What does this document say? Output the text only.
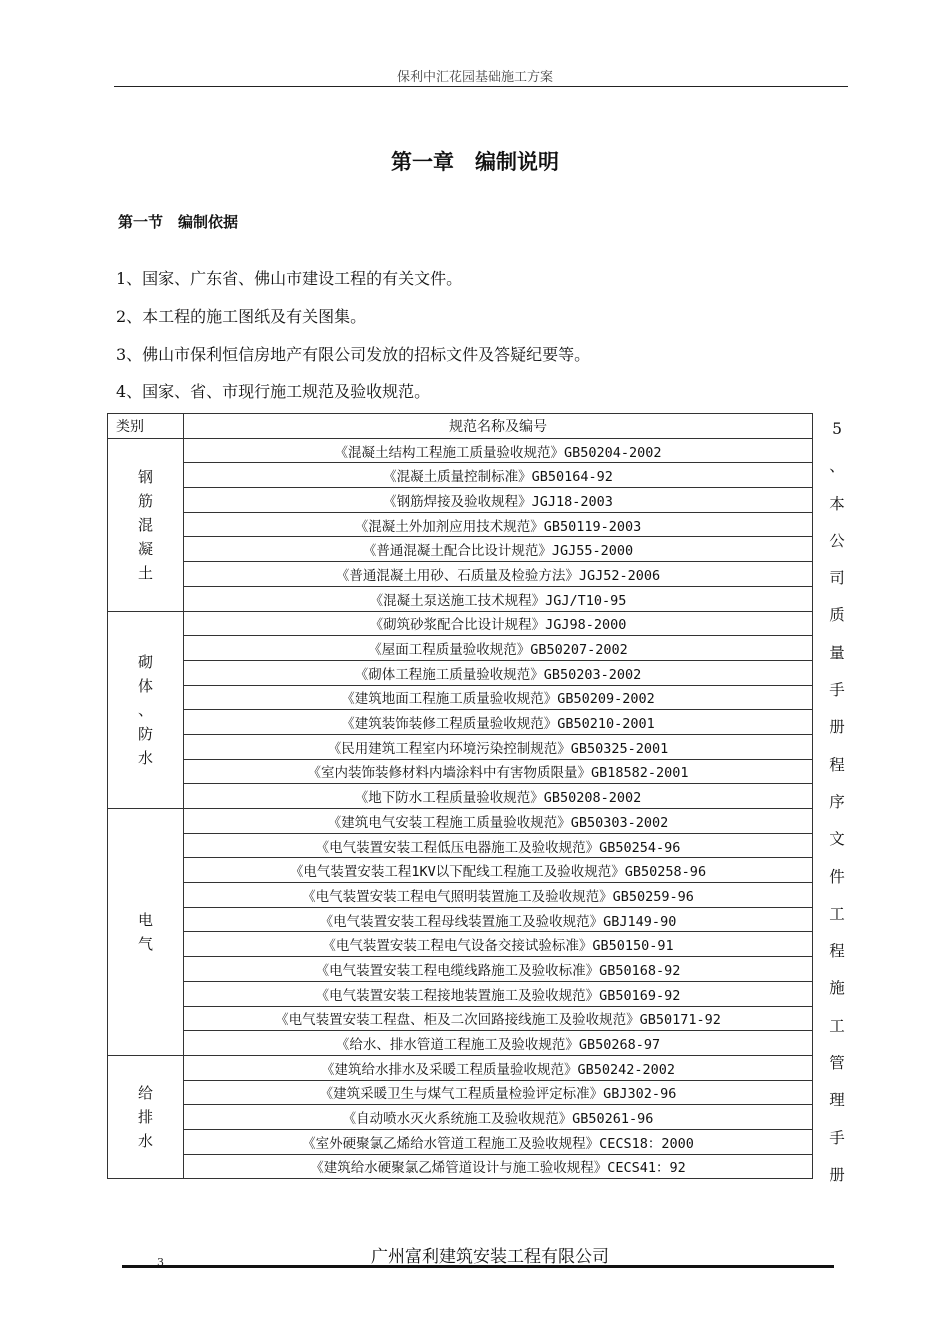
保利中汇花园基础施工方案
第一章　编制说明
第一节　编制依据
1、国家、广东省、佛山市建设工程的有关文件。
2、本工程的施工图纸及有关图集。
3、佛山市保利恒信房地产有限公司发放的招标文件及答疑纪要等。
4、国家、省、市现行施工规范及验收规范。
类别	规范名称及编号

钢
筋
混
凝
土	《混凝土结构工程施工质量验收规范》GB50204-2002
	《混凝土质量控制标准》GB50164-92
	《钢筋焊接及验收规程》JGJ18-2003
	《混凝土外加剂应用技术规范》GB50119-2003
	《普通混凝土配合比设计规范》JGJ55-2000
	《普通混凝土用砂、石质量及检验方法》JGJ52-2006
	《混凝土泵送施工技术规程》JGJ/T10-95

砌
体
、
防
水	《砌筑砂浆配合比设计规程》JGJ98-2000
	《屋面工程质量验收规范》GB50207-2002
	《砌体工程施工质量验收规范》GB50203-2002
	《建筑地面工程施工质量验收规范》GB50209-2002
	《建筑装饰装修工程质量验收规范》GB50210-2001
	《民用建筑工程室内环境污染控制规范》GB50325-2001
	《室内装饰装修材料内墙涂料中有害物质限量》GB18582-2001
	《地下防水工程质量验收规范》GB50208-2002

电
气	《建筑电气安装工程施工质量验收规范》GB50303-2002
	《电气装置安装工程低压电器施工及验收规范》GB50254-96
	《电气装置安装工程1KV以下配线工程施工及验收规范》GB50258-96
	《电气装置安装工程电气照明装置施工及验收规范》GB50259-96
	《电气装置安装工程母线装置施工及验收规范》GBJ149-90
	《电气装置安装工程电气设备交接试验标准》GB50150-91
	《电气装置安装工程电缆线路施工及验收标准》GB50168-92
	《电气装置安装工程接地装置施工及验收规范》GB50169-92
	《电气装置安装工程盘、柜及二次回路接线施工及验收规范》GB50171-92
	《给水、排水管道工程施工及验收规范》GB50268-97

给
排
水	《建筑给水排水及采暖工程质量验收规范》GB50242-2002
	《建筑采暖卫生与煤气工程质量检验评定标准》GBJ302-96
	《自动喷水灭火系统施工及验收规范》GB50261-96
	《室外硬聚氯乙烯给水管道工程施工及验收规程》CECS18：2000
	《建筑给水硬聚氯乙烯管道设计与施工验收规程》CECS41：92
5
、
本
公
司
质
量
手
册
程
序
文
件
工
程
施
工
管
理
手
册
广州富利建筑安装工程有限公司
3
